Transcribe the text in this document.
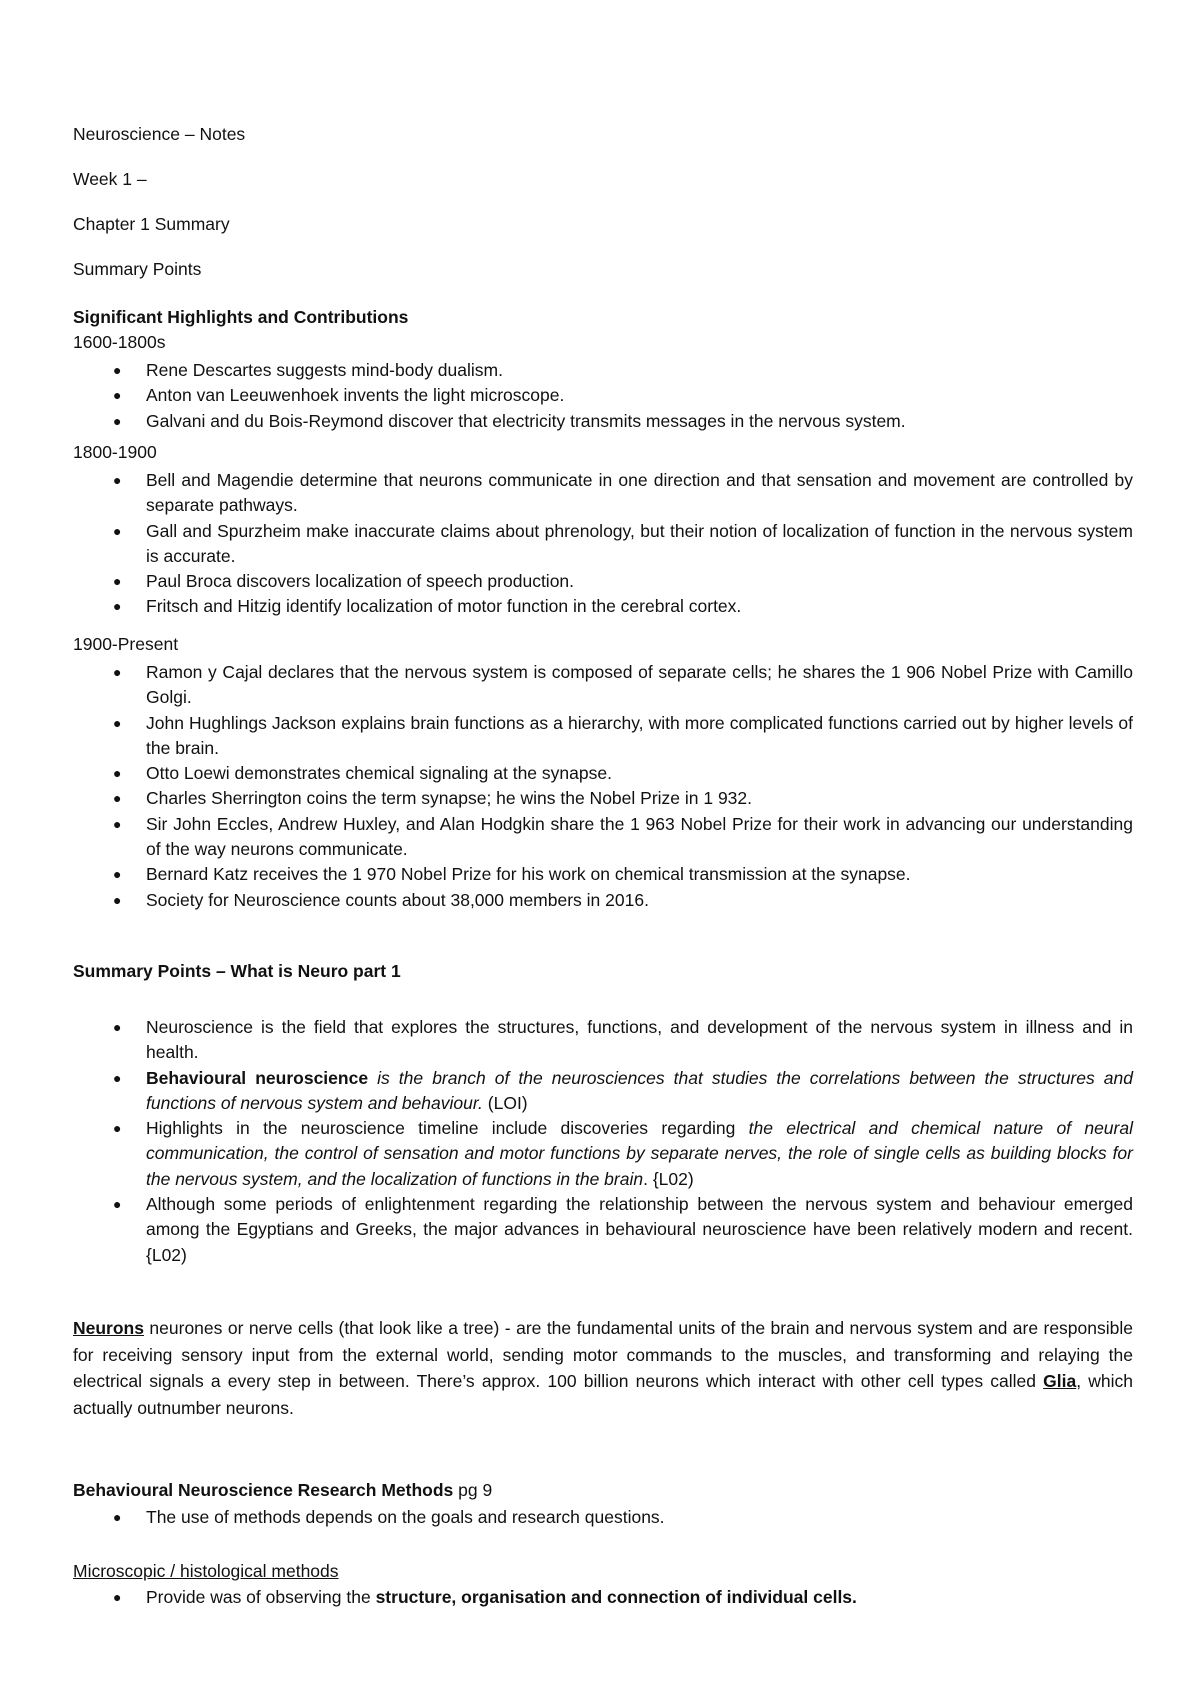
Neuroscience – Notes
Week 1 –
Chapter 1 Summary
Summary Points
Significant Highlights and Contributions
1600-1800s
● Rene Descartes suggests mind-body dualism.
● Anton van Leeuwenhoek invents the light microscope.
● Galvani and du Bois-Reymond discover that electricity transmits messages in the nervous system.
1800-1900
● Bell and Magendie determine that neurons communicate in one direction and that sensation and movement are controlled by separate pathways.
● Gall and Spurzheim make inaccurate claims about phrenology, but their notion of localization of function in the nervous system is accurate.
● Paul Broca discovers localization of speech production.
● Fritsch and Hitzig identify localization of motor function in the cerebral cortex.
1900-Present
● Ramon y Cajal declares that the nervous system is composed of separate cells; he shares the 1 906 Nobel Prize with Camillo Golgi.
● John Hughlings Jackson explains brain functions as a hierarchy, with more complicated functions carried out by higher levels of the brain.
● Otto Loewi demonstrates chemical signaling at the synapse.
● Charles Sherrington coins the term synapse; he wins the Nobel Prize in 1 932.
● Sir John Eccles, Andrew Huxley, and Alan Hodgkin share the 1 963 Nobel Prize for their work in advancing our understanding of the way neurons communicate.
● Bernard Katz receives the 1 970 Nobel Prize for his work on chemical transmission at the synapse.
● Society for Neuroscience counts about 38,000 members in 2016.
Summary Points – What is Neuro part 1
● Neuroscience is the field that explores the structures, functions, and development of the nervous system in illness and in health.
● Behavioural neuroscience is the branch of the neurosciences that studies the correlations between the structures and functions of nervous system and behaviour. (LOI)
● Highlights in the neuroscience timeline include discoveries regarding the electrical and chemical nature of neural communication, the control of sensation and motor functions by separate nerves, the role of single cells as building blocks for the nervous system, and the localization of functions in the brain. {L02)
● Although some periods of enlightenment regarding the relationship between the nervous system and behaviour emerged among the Egyptians and Greeks, the major advances in behavioural neuroscience have been relatively modern and recent. {L02)
Neurons neurones or nerve cells (that look like a tree) - are the fundamental units of the brain and nervous system and are responsible for receiving sensory input from the external world, sending motor commands to the muscles, and transforming and relaying the electrical signals a every step in between. There’s approx. 100 billion neurons which interact with other cell types called Glia, which actually outnumber neurons.
Behavioural Neuroscience Research Methods pg 9
● The use of methods depends on the goals and research questions.
Microscopic / histological methods
● Provide was of observing the structure, organisation and connection of individual cells.
